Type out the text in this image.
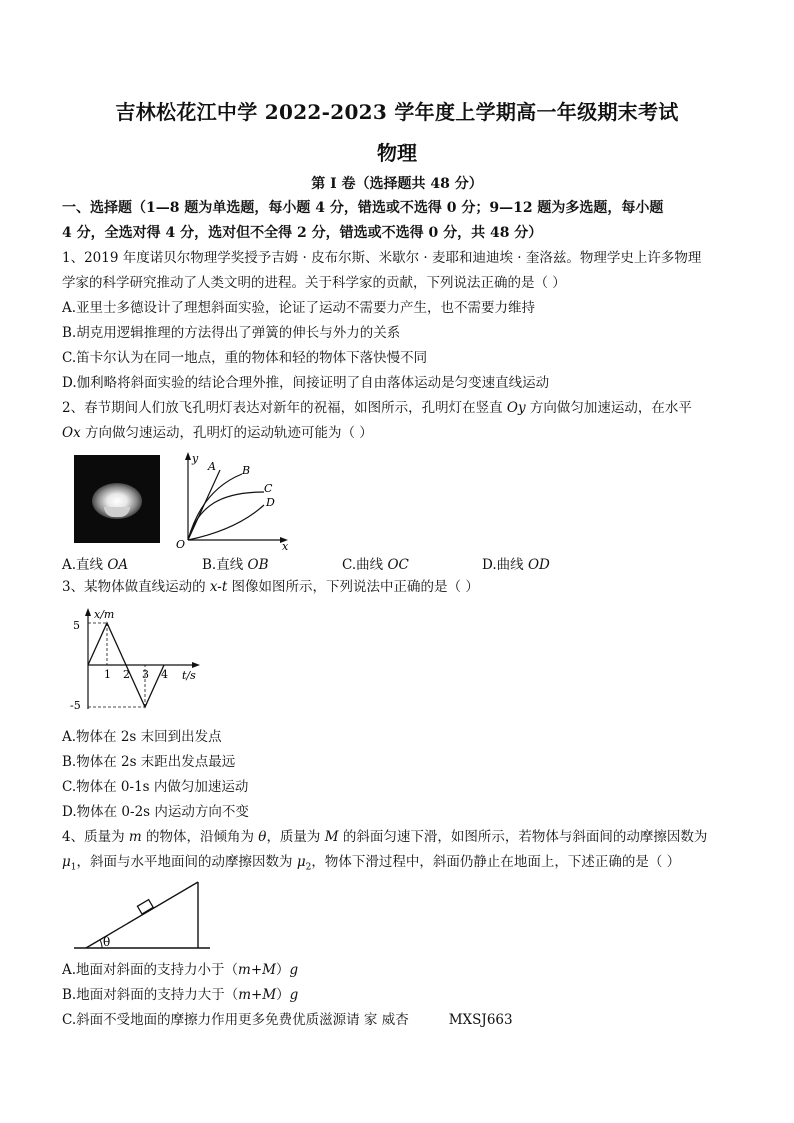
吉林松花江中学 2022-2023 学年度上学期高一年级期末考试
物理
第 I 卷（选择题共 48 分）
一、选择题（1—8 题为单选题，每小题 4 分，错选或不选得 0 分；9—12 题为多选题，每小题
4 分，全选对得 4 分，选对但不全得 2 分，错选或不选得 0 分，共 48 分）
1、2019 年度诺贝尔物理学奖授予吉姆 · 皮布尔斯、米歇尔 · 麦耶和迪迪埃 · 奎洛兹。物理学史上许多物理
学家的科学研究推动了人类文明的进程。关于科学家的贡献，下列说法正确的是（ ）
A.亚里士多德设计了理想斜面实验，论证了运动不需要力产生，也不需要力维持
B.胡克用逻辑推理的方法得出了弹簧的伸长与外力的关系
C.笛卡尔认为在同一地点，重的物体和轻的物体下落快慢不同
D.伽利略将斜面实验的结论合理外推，间接证明了自由落体运动是匀变速直线运动
2、春节期间人们放飞孔明灯表达对新年的祝福，如图所示，孔明灯在竖直 Oy 方向做匀加速运动，在水平
Ox 方向做匀速运动，孔明灯的运动轨迹可能为（ ）
y
x
O
A B
C
D
A.直线 OA	B.直线 OB	C.曲线 OC	D.曲线 OD
3、某物体做直线运动的 x-t 图像如图所示，下列说法中正确的是（ ）
1 2 3 4
x/m
t/s
5
-5
A.物体在 2s 末回到出发点
B.物体在 2s 末距出发点最远
C.物体在 0-1s 内做匀加速运动
D.物体在 0-2s 内运动方向不变
4、质量为 m 的物体，沿倾角为 θ，质量为 M 的斜面匀速下滑，如图所示，若物体与斜面间的动摩擦因数为
$\mu_1$，斜面与水平地面间的动摩擦因数为 $\mu_2$，物体下滑过程中，斜面仍静止在地面上，下述正确的是（ ）
θ
A.地面对斜面的支持力小于（m+M）g
B.地面对斜面的支持力大于（m+M）g
C.斜面不受地面的摩擦力作用更多免费优质滋源请 家 威杏	MXSJ663
